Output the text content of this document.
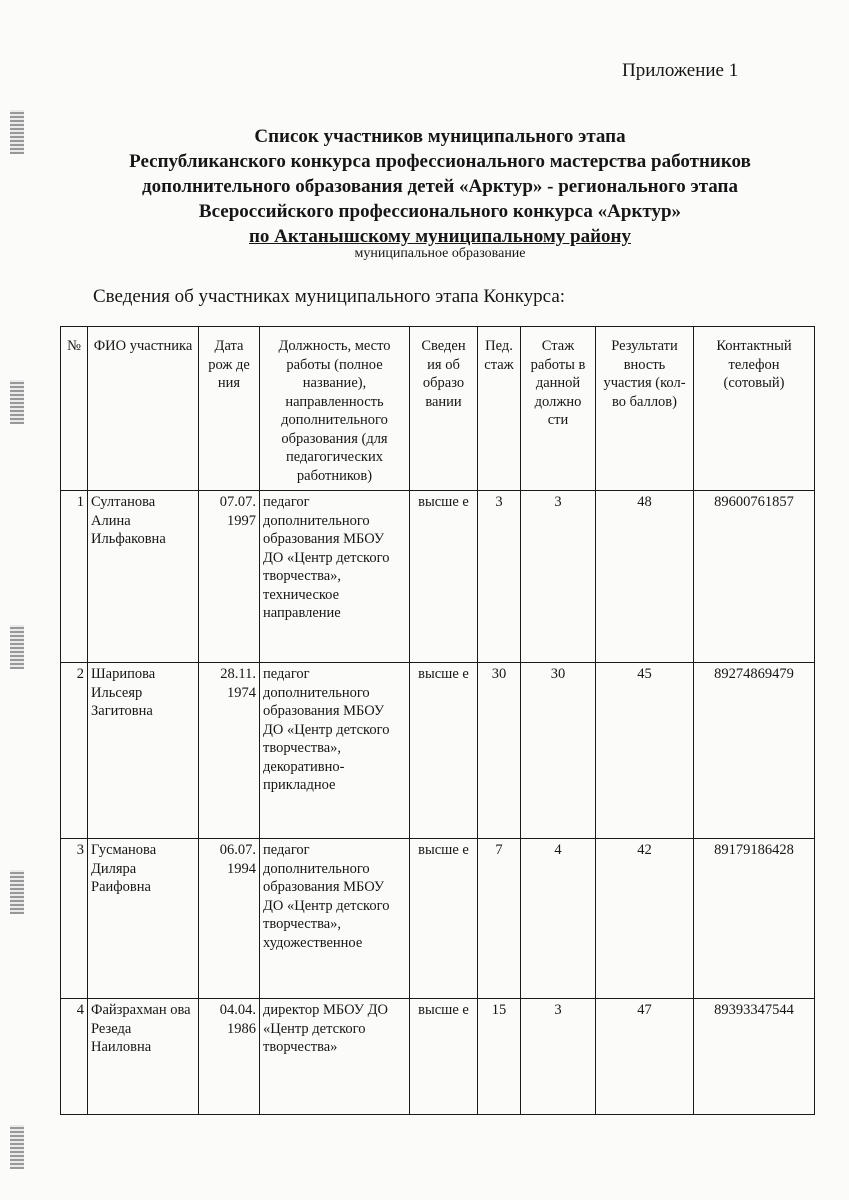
Приложение 1
Список участников муниципального этапа
Республиканского конкурса профессионального мастерства работников
дополнительного образования детей «Арктур» - регионального этапа
Всероссийского профессионального конкурса «Арктур»
по Актанышскому муниципальному району
муниципальное образование
Сведения об участниках муниципального этапа Конкурса:
№	ФИО участника	Дата рож де ния	Должность, место работы (полное название), направленность дополнительного образования (для педагогических работников)	Сведен ия об образо вании	Пед. стаж	Стаж работы в данной должно сти	Результати вность участия (кол-во баллов)	Контактный телефон (сотовый)
1	Султанова Алина Ильфаковна	07.07. 1997	педагог дополнительного образования МБОУ ДО «Центр детского творчества», техническое направление	высше е	3	3	48	89600761857
2	Шарипова Ильсеяр Загитовна	28.11. 1974	педагог дополнительного образования МБОУ ДО «Центр детского творчества», декоративно-прикладное	высше е	30	30	45	89274869479
3	Гусманова Диляра Раифовна	06.07. 1994	педагог дополнительного образования МБОУ ДО «Центр детского творчества», художественное	высше е	7	4	42	89179186428
4	Файзрахман ова Резеда Наиловна	04.04. 1986	директор МБОУ ДО «Центр детского творчества»	высше е	15	3	47	89393347544
